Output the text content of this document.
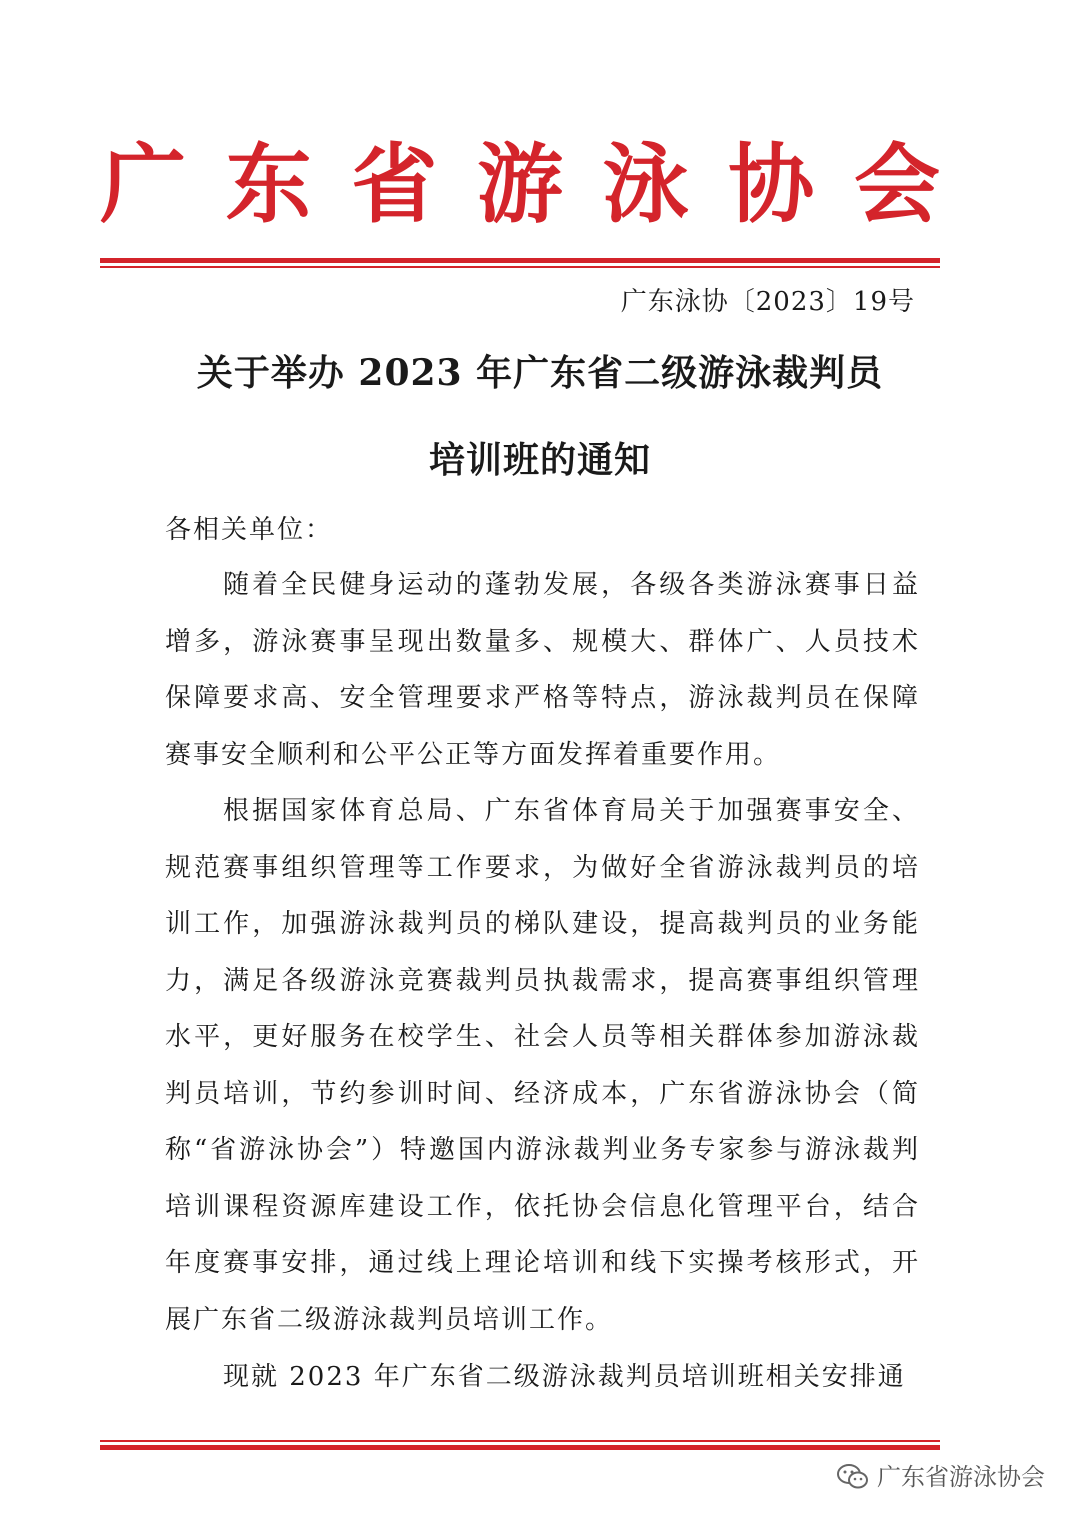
广 东 省 游 泳 协 会
广东泳协〔2023〕19号
关于举办 2023 年广东省二级游泳裁判员
培训班的通知
各相关单位：

随着全民健身运动的蓬勃发展，各级各类游泳赛事日益增多，游泳赛事呈现出数量多、规模大、群体广、人员技术保障要求高、安全管理要求严格等特点，游泳裁判员在保障赛事安全顺利和公平公正等方面发挥着重要作用。

根据国家体育总局、广东省体育局关于加强赛事安全、规范赛事组织管理等工作要求，为做好全省游泳裁判员的培训工作，加强游泳裁判员的梯队建设，提高裁判员的业务能力，满足各级游泳竞赛裁判员执裁需求，提高赛事组织管理水平，更好服务在校学生、社会人员等相关群体参加游泳裁判员培训，节约参训时间、经济成本，广东省游泳协会（简称“省游泳协会”）特邀国内游泳裁判业务专家参与游泳裁判培训课程资源库建设工作，依托协会信息化管理平台，结合年度赛事安排，通过线上理论培训和线下实操考核形式，开展广东省二级游泳裁判员培训工作。

现就 2023 年广东省二级游泳裁判员培训班相关安排通

广东省游泳协会
